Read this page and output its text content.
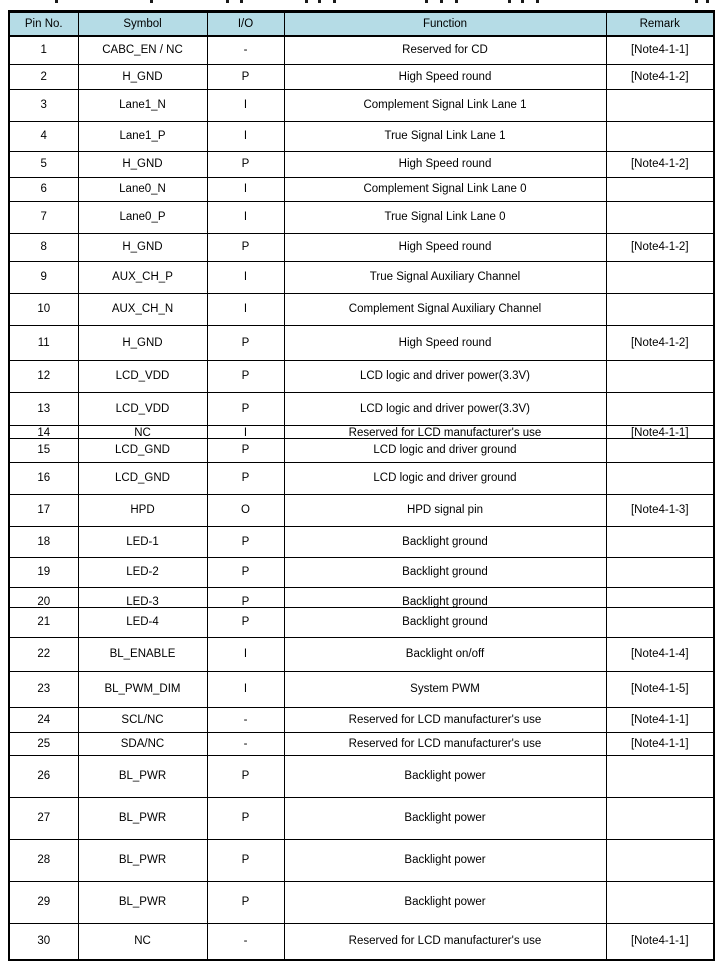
Pin No.	Symbol	I/O	Function	Remark
1	CABC_EN / NC	-	Reserved for CD	[Note4-1-1]
2	H_GND	P	High Speed round	[Note4-1-2]
3	Lane1_N	I	Complement Signal Link Lane 1	
4	Lane1_P	I	True Signal Link Lane 1	
5	H_GND	P	High Speed round	[Note4-1-2]
6	Lane0_N	I	Complement Signal Link Lane 0	
7	Lane0_P	I	True Signal Link Lane 0	
8	H_GND	P	High Speed round	[Note4-1-2]
9	AUX_CH_P	I	True Signal Auxiliary Channel	
10	AUX_CH_N	I	Complement Signal Auxiliary Channel	
11	H_GND	P	High Speed round	[Note4-1-2]
12	LCD_VDD	P	LCD logic and driver power(3.3V)	
13	LCD_VDD	P	LCD logic and driver power(3.3V)	
14	NC	I	Reserved for LCD manufacturer's use	[Note4-1-1]
15	LCD_GND	P	LCD logic and driver ground	
16	LCD_GND	P	LCD logic and driver ground	
17	HPD	O	HPD signal pin	[Note4-1-3]
18	LED-1	P	Backlight ground	
19	LED-2	P	Backlight ground	
20	LED-3	P	Backlight ground	
21	LED-4	P	Backlight ground	
22	BL_ENABLE	I	Backlight on/off	[Note4-1-4]
23	BL_PWM_DIM	I	System PWM	[Note4-1-5]
24	SCL/NC	-	Reserved for LCD manufacturer's use	[Note4-1-1]
25	SDA/NC	-	Reserved for LCD manufacturer's use	[Note4-1-1]
26	BL_PWR	P	Backlight power	
27	BL_PWR	P	Backlight power	
28	BL_PWR	P	Backlight power	
29	BL_PWR	P	Backlight power	
30	NC	-	Reserved for LCD manufacturer's use	[Note4-1-1]
